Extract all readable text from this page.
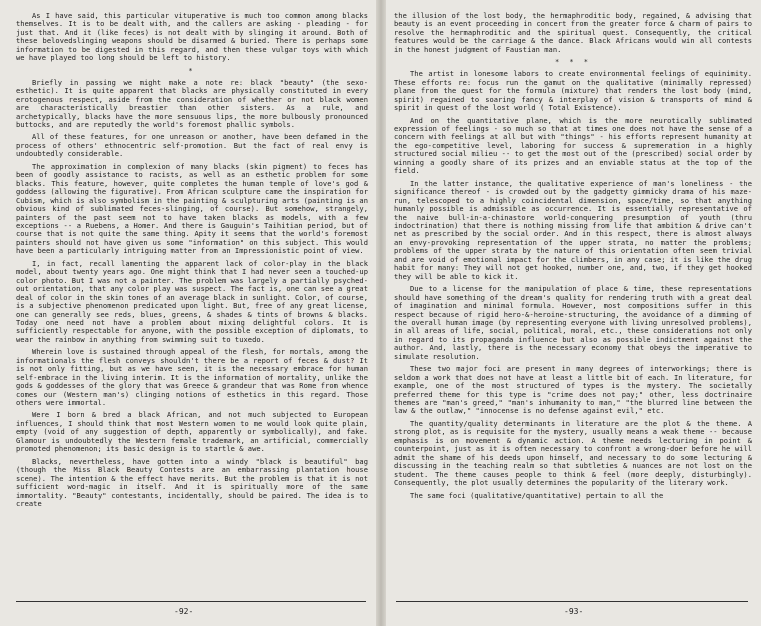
As I have said, this particular vituperative is much too common among blacks themselves. It is to be dealt with, and the callers are asking - pleading - for just that. And it (like feces) is not dealt with by slinging it around. Both of these belovedslinging weapons should be disarmed & buried. There is perhaps some information to be digested in this regard, and then these vulgar toys with which we have played too long should be left to history.

*

Briefly in passing we might make a note re: black "beauty" (the sexo-esthetic). It is quite apparent that blacks are physically constituted in every erotogenous respect, aside from the consideration of whether or not black women are characteristically breastier than other sisters. As a rule, and archetypically, blacks have the more sensuous lips, the more bulbously pronounced buttocks, and are reputedly the world's foremost phallic symbols.

All of these features, for one unreason or another, have been defamed in the process of others' ethnocentric self-promotion. But the fact of real envy is undoubtedly considerable.

The approximation in complexion of many blacks (skin pigment) to feces has been of goodly assistance to racists, as well as an esthetic problem for some blacks. This feature, however, quite completes the human temple of love's god & goddess (allowing the figurative). From African sculpture came the inspiration for Cubism, which is also symbolism in the painting & sculpturing arts (painting is an obvious kind of sublimated feces-slinging, of course). But somehow, strangely, painters of the past seem not to have taken blacks as models, with a few exceptions -- a Ruebens, a Homer. And there is Gauguin's Taihitian period, but of course that is not quite the same thing. Apity it seems that the world's foremost painters should not have given us some "information" on this subject. This would have been a particularly intriguing matter from an Impressionistic point of view.

I, in fact, recall lamenting the apparent lack of color-play in the black model, about twenty years ago. One might think that I had never seen a touched-up color photo. But I was not a painter. The problem was largely a partially psyched-out orientation, that any color play was suspect. The fact is, one can see a great deal of color in the skin tones of an average black in sunlight. Color, of course, is a subjective phenomenon predicated upon light. But, free of any great license, one can generally see reds, blues, greens, & shades & tints of browns & blacks. Today one need not have a problem about mixing delightful colors. It is sufficiently respectable for anyone, with the possible exception of diplomats, to wear the rainbow in anything from swimming suit to tuxedo.

Wherein love is sustained through appeal of the flesh, for mortals, among the informationals the flesh conveys shouldn't there be a report of feces & dust? It is not only fitting, but as we have seen, it is the necessary embrace for human self-embrace in the living interim. It is the information of mortality, unlike the gods & goddesses of the glory that was Greece & grandeur that was Rome from whence comes our (Western man's) clinging notions of esthetics in this regard. Those others were immortal.

Were I born & bred a black African, and not much subjected to European influences, I should think that most Western women to me would look quite plain, empty (void of any suggestion of depth, apparently or symbolically), and fake. Glamour is undoubtedly the Western female trademark, an artificial, commercially promoted phenomenon; its basic design is to startle & awe.

Blacks, nevertheless, have gotten into a windy "black is beautiful" bag (though the Miss Black Beauty Contests are an embarrassing plantation house scene). The intention & the effect have merits. But the problem is that it is not sufficient word-magic in itself. And it is spiritually more of the same immortality. "Beauty" contestants, incidentally, should be paired. The idea is to create

the illusion of the lost body, the hermaphroditic body, regained, & advising that beauty is an event proceeding in concert from the greater force & charm of pairs to resolve the hermaphroditic and the spiritual quest. Consequently, the critical features would be the carriage & the dance. Black Africans would win all contests in the honest judgment of Faustian man.

* * *

The artist in lonesome labors to create environmental feelings of equinimity. These efforts re: focus run the gamut on the qualitative (minimally repressed) plane from the quest for the formula (mixture) that renders the lost body (mind, spirit) regained to soaring fancy & interplay of vision & transports of mind & spirit in quest of the lost world ( Total Existence).

And on the quantitative plane, which is the more neurotically sublimated expression of feelings - so much so that at times one does not have the sense of a concern with feelings at all but with "things" - his efforts represent humanity at the ego-competitive level, laboring for success & supremeration in a highly structured social milieu -- to get the most out of the (prescribed) social order by winning a goodly share of its prizes and an enviable status at the top of the field.

In the latter instance, the qualitative experience of man's loneliness - the significance thereof - is crowded out by the gadgetty gimmicky drama of his maze-run, telescoped to a highly coincidental dimension, space/time, so that anything humanly possible is admissible as occurrence. It is essentially representative of the naive bull-in-a-chinastore world-conquering presumption of youth (thru indoctrination) that there is nothing missing from life that ambition & drive can't net as prescribed by the social order. And in this respect, there is almost always an envy-provoking representation of the upper strata, no matter the problems; problems of the upper strata by the nature of this orientation often seem trivial and are void of emotional impact for the climbers, in any case; it is like the drug habit for many: They will not get hooked, number one, and, two, if they get hooked they will be able to kick it.

Due to a license for the manipulation of place & time, these representations should have something of the dream's quality for rendering truth with a great deal of imagination and minimal formula. However, most compositions suffer in this respect because of rigid hero-&-heroine-structuring, the avoidance of a dimming of the overall human image (by representing everyone with living unresolved problems), in all areas of life, social, political, moral, etc., these considerations not only in regard to its propaganda influence but also as possible indictment against the author. And, lastly, there is the necessary economy that obeys the imperative to simulate resolution.

These two major foci are present in many degrees of interworkings; there is seldom a work that does not have at least a little bit of each. In literature, for example, one of the most structured of types is the mystery. The societally preferred theme for this type is "crime does not pay;" other, less doctrinaire themes are "man's greed," "man's inhumanity to man," "the blurred line between the law & the outlaw," "innocense is no defense against evil," etc.

The quantity/quality determinants in literature are the plot & the theme. A strong plot, as is requisite for the mystery, usually means a weak theme -- because emphasis is on movement & dynamic action. A theme needs lecturing in point & counterpoint, just as it is often necessary to confront a wrong-doer before he will admit the shame of his deeds upon himself, and necessary to do some lecturing & discussing in the teaching realm so that subtleties & nuances are not lost on the student. The theme causes people to think & feel (more deeply, disturbingly). Consequently, the plot usually determines the popularity of the literary work.

The same foci (qualitative/quantitative) pertain to all the

-92-	-93-
